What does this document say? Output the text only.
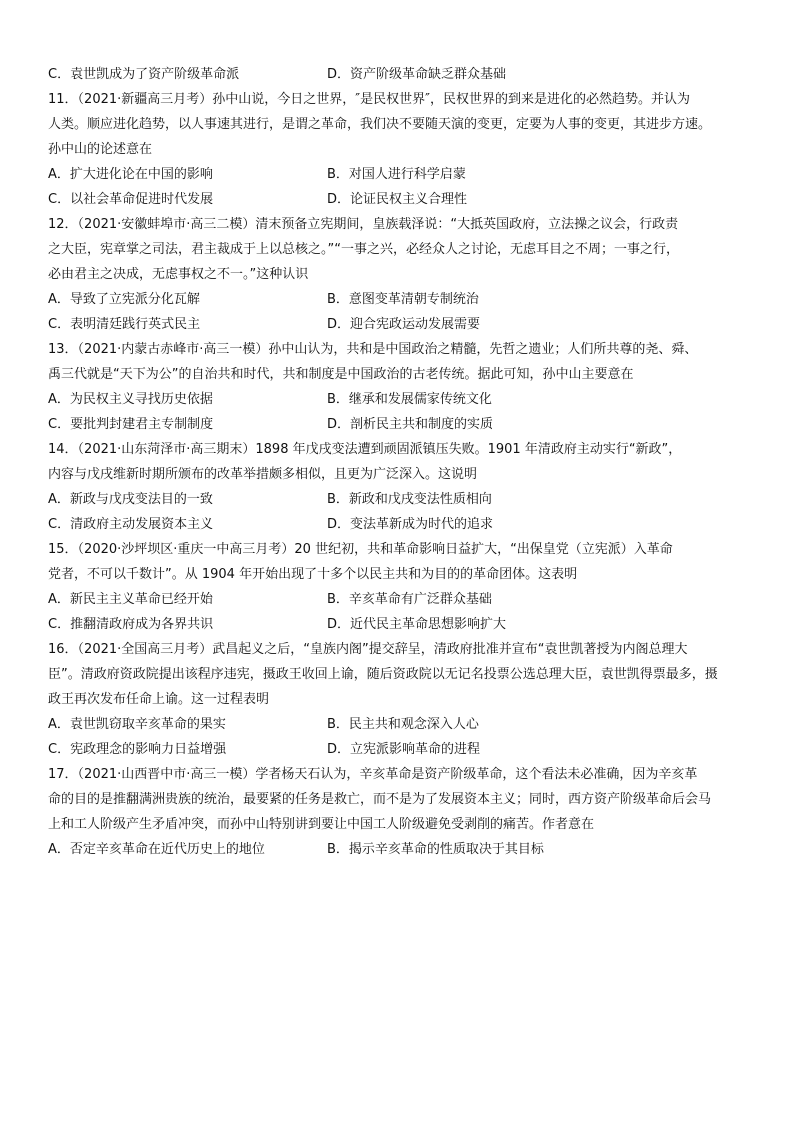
C．袁世凯成为了资产阶级革命派	D．资产阶级革命缺乏群众基础
11．（2021·新疆高三月考）孙中山说，今日之世界，″是民权世界″，民权世界的到来是进化的必然趋势。并认为
人类。顺应进化趋势，以人事速其进行，是谓之革命，我们决不要随天演的变更，定要为人事的变更，其进步方速。
孙中山的论述意在
A．扩大进化论在中国的影响	B．对国人进行科学启蒙
C．以社会革命促进时代发展	D．论证民权主义合理性
12．（2021·安徽蚌埠市·高三二模）清末预备立宪期间，皇族载泽说：“大抵英国政府，立法操之议会，行政责
之大臣，宪章掌之司法，君主裁成于上以总核之。”“一事之兴，必经众人之讨论，无虑耳目之不周；一事之行，
必由君主之决成，无虑事权之不一。”这种认识
A．导致了立宪派分化瓦解	B．意图变革清朝专制统治
C．表明清廷践行英式民主	D．迎合宪政运动发展需要
13．（2021·内蒙古赤峰市·高三一模）孙中山认为，共和是中国政治之精髓，先哲之遗业；人们所共尊的尧、舜、
禹三代就是“天下为公”的自治共和时代，共和制度是中国政治的古老传统。据此可知，孙中山主要意在
A．为民权主义寻找历史依据	B．继承和发展儒家传统文化
C．要批判封建君主专制制度	D．剖析民主共和制度的实质
14．（2021·山东菏泽市·高三期末）1898 年戊戌变法遭到顽固派镇压失败。1901 年清政府主动实行“新政”，
内容与戊戌维新时期所颁布的改革举措颇多相似，且更为广泛深入。这说明
A．新政与戊戌变法目的一致	B．新政和戊戌变法性质相向
C．清政府主动发展资本主义	D．变法革新成为时代的追求
15．（2020·沙坪坝区·重庆一中高三月考）20 世纪初，共和革命影响日益扩大，“出保皇党（立宪派）入革命
党者，不可以千数计”。从 1904 年开始出现了十多个以民主共和为目的的革命团体。这表明
A．新民主主义革命已经开始	B．辛亥革命有广泛群众基础
C．推翻清政府成为各界共识	D．近代民主革命思想影响扩大
16．（2021·全国高三月考）武昌起义之后，“皇族内阁”提交辞呈，清政府批准并宣布“袁世凯著授为内阁总理大
臣”。清政府资政院提出该程序违宪，摄政王收回上谕，随后资政院以无记名投票公选总理大臣，袁世凯得票最多，摄
政王再次发布任命上谕。这一过程表明
A．袁世凯窃取辛亥革命的果实	B．民主共和观念深入人心
C．宪政理念的影响力日益增强	D．立宪派影响革命的进程
17．（2021·山西晋中市·高三一模）学者杨天石认为，辛亥革命是资产阶级革命，这个看法未必准确，因为辛亥革
命的目的是推翻满洲贵族的统治，最要紧的任务是救亡，而不是为了发展资本主义；同时，西方资产阶级革命后会马
上和工人阶级产生矛盾冲突，而孙中山特别讲到要让中国工人阶级避免受剥削的痛苦。作者意在
A．否定辛亥革命在近代历史上的地位	B．揭示辛亥革命的性质取决于其目标
